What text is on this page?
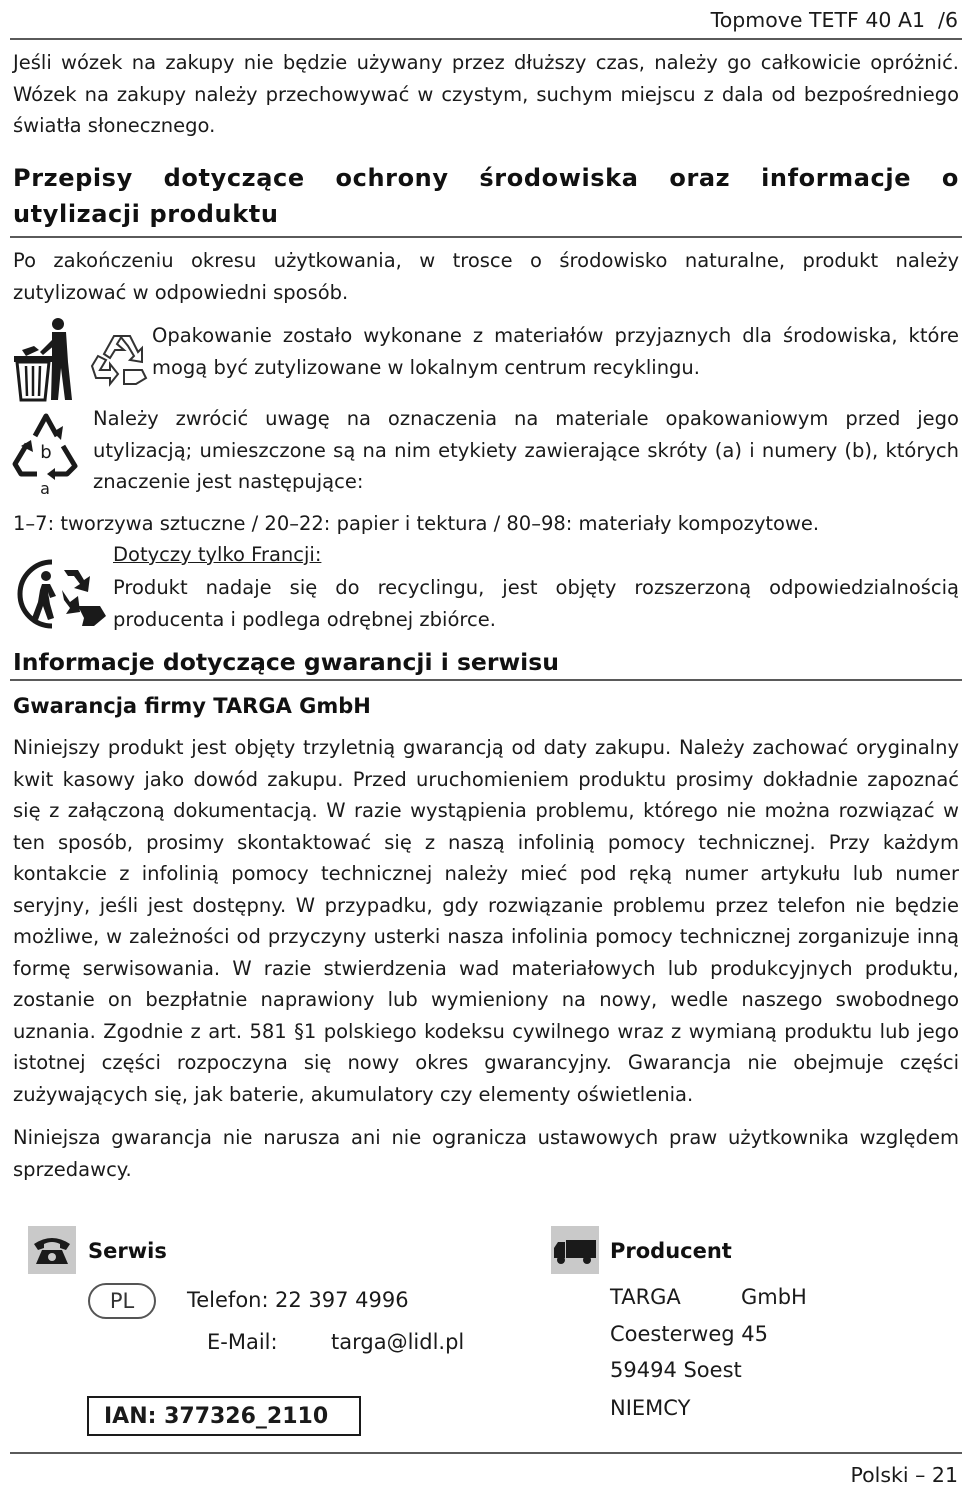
Topmove TETF 40 A1  /6

Jeśli wózek na zakupy nie będzie używany przez dłuższy czas, należy go całkowicie opróżnić. Wózek na zakupy należy przechowywać w czystym, suchym miejscu z dala od bezpośredniego światła słonecznego.

Przepisy dotyczące ochrony środowiska oraz informacje o utylizacji produktu

Po zakończeniu okresu użytkowania, w trosce o środowisko naturalne, produkt należy zutylizować w odpowiedni sposób.

Opakowanie zostało wykonane z materiałów przyjaznych dla środowiska, które mogą być zutylizowane w lokalnym centrum recyklingu.

b
a

Należy zwrócić uwagę na oznaczenia na materiale opakowaniowym przed jego utylizacją; umieszczone są na nim etykiety zawierające skróty (a) i numery (b), których znaczenie jest następujące:

1–7: tworzywa sztuczne / 20–22: papier i tektura / 80–98: materiały kompozytowe.

Dotyczy tylko Francji:

Produkt nadaje się do recyclingu, jest objęty rozszerzoną odpowiedzialnością producenta i podlega odrębnej zbiórce.

Informacje dotyczące gwarancji i serwisu
Gwarancja firmy TARGA GmbH

Niniejszy produkt jest objęty trzyletnią gwarancją od daty zakupu. Należy zachować oryginalny kwit kasowy jako dowód zakupu. Przed uruchomieniem produktu prosimy dokładnie zapoznać się z załączoną dokumentacją. W razie wystąpienia problemu, którego nie można rozwiązać w ten sposób, prosimy skontaktować się z naszą infolinią pomocy technicznej. Przy każdym kontakcie z infolinią pomocy technicznej należy mieć pod ręką numer artykułu lub numer seryjny, jeśli jest dostępny. W przypadku, gdy rozwiązanie problemu przez telefon nie będzie możliwe, w zależności od przyczyny usterki nasza infolinia pomocy technicznej zorganizuje inną formę serwisowania. W razie stwierdzenia wad materiałowych lub produkcyjnych produktu, zostanie on bezpłatnie naprawiony lub wymieniony na nowy, wedle naszego swobodnego uznania. Zgodnie z art. 581 §1 polskiego kodeksu cywilnego wraz z wymianą produktu lub jego istotnej części rozpoczyna się nowy okres gwarancyjny. Gwarancja nie obejmuje części zużywających się, jak baterie, akumulatory czy elementy oświetlenia.

Niniejsza gwarancja nie narusza ani nie ogranicza ustawowych praw użytkownika względem sprzedawcy.

Serwis
PL	Telefon: 22 397 4996
E-Mail:	targa@lidl.pl
IAN: 377326_2110
Producent
TARGA	GmbH
Coesterweg 45
59494 Soest
NIEMCY
Polski – 21
